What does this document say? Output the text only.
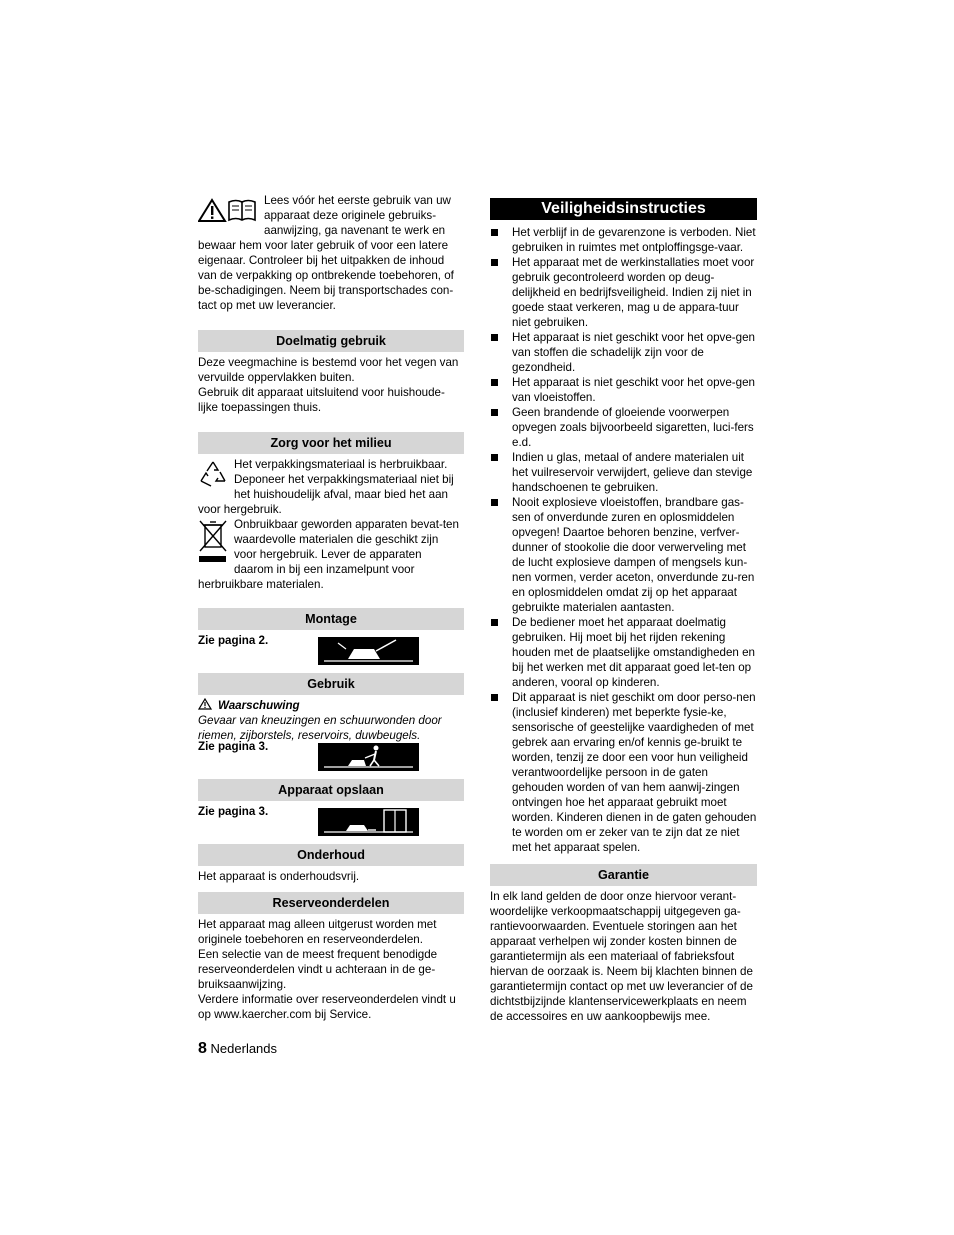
Lees vóór het eerste gebruik van uw apparaat deze originele gebruiks-aanwijzing, ga navenant te werk en bewaar hem voor later gebruik of voor een latere eigenaar. Controleer bij het uitpakken de inhoud van de verpakking op ontbrekende toebehoren, of be-schadigingen. Neem bij transportschades con-tact op met uw leverancier.

Doelmatig gebruik

Deze veegmachine is bestemd voor het vegen van vervuilde oppervlakken buiten.

Gebruik dit apparaat uitsluitend voor huishoude-lijke toepassingen thuis.

Zorg voor het milieu

Het verpakkingsmateriaal is herbruikbaar. Deponeer het verpakkingsmateriaal niet bij het huishoudelijk afval, maar bied het aan voor hergebruik.

Onbruikbaar geworden apparaten bevat-ten waardevolle materialen die geschikt zijn voor hergebruik. Lever de apparaten daarom in bij een inzamelpunt voor herbruikbare materialen.

Montage
Zie pagina 2.
Gebruik

Waarschuwing

Gevaar van kneuzingen en schuurwonden door riemen, zijborstels, reservoirs, duwbeugels.

Zie pagina 3.
Apparaat opslaan
Zie pagina 3.
Onderhoud

Het apparaat is onderhoudsvrij.

Reserveonderdelen

Het apparaat mag alleen uitgerust worden met originele toebehoren en reserveonderdelen.

Een selectie van de meest frequent benodigde reserveonderdelen vindt u achteraan in de ge-bruiksaanwijzing.

Verdere informatie over reserveonderdelen vindt u op www.kaercher.com bij Service.

Veiligheidsinstructies
Het verblijf in de gevarenzone is verboden. Niet gebruiken in ruimtes met ontploffingsge-vaar.
Het apparaat met de werkinstallaties moet voor gebruik gecontroleerd worden op deug-delijkheid en bedrijfsveiligheid. Indien zij niet in goede staat verkeren, mag u de appara-tuur niet gebruiken.
Het apparaat is niet geschikt voor het opve-gen van stoffen die schadelijk zijn voor de gezondheid.
Het apparaat is niet geschikt voor het opve-gen van vloeistoffen.
Geen brandende of gloeiende voorwerpen opvegen zoals bijvoorbeeld sigaretten, luci-fers e.d.
Indien u glas, metaal of andere materialen uit het vuilreservoir verwijdert, gelieve dan stevige handschoenen te gebruiken.
Nooit explosieve vloeistoffen, brandbare gas-sen of onverdunde zuren en oplosmiddelen opvegen! Daartoe behoren benzine, verfver-dunner of stookolie die door verwerveling met de lucht explosieve dampen of mengsels kun-nen vormen, verder aceton, onverdunde zu-ren en oplosmiddelen omdat zij op het apparaat gebruikte materialen aantasten.
De bediener moet het apparaat doelmatig gebruiken. Hij moet bij het rijden rekening houden met de plaatselijke omstandigheden en bij het werken met dit apparaat goed let-ten op anderen, vooral op kinderen.
Dit apparaat is niet geschikt om door perso-nen (inclusief kinderen) met beperkte fysie-ke, sensorische of geestelijke vaardigheden of met gebrek aan ervaring en/of kennis ge-bruikt te worden, tenzij ze door een voor hun veiligheid verantwoordelijke persoon in de gaten gehouden worden of van hem aanwij-zingen ontvingen hoe het apparaat gebruikt moet worden. Kinderen dienen in de gaten gehouden te worden om er zeker van te zijn dat ze niet met het apparaat spelen.
Garantie

In elk land gelden de door onze hiervoor verant-woordelijke verkoopmaatschappij uitgegeven ga-rantievoorwaarden. Eventuele storingen aan het apparaat verhelpen wij zonder kosten binnen de garantietermijn als een materiaal of fabrieksfout hiervan de oorzaak is. Neem bij klachten binnen de garantietermijn contact op met uw leverancier of de dichtstbijzijnde klantenservicewerkplaats en neem de accessoires en uw aankoopbewijs mee.

8 Nederlands
